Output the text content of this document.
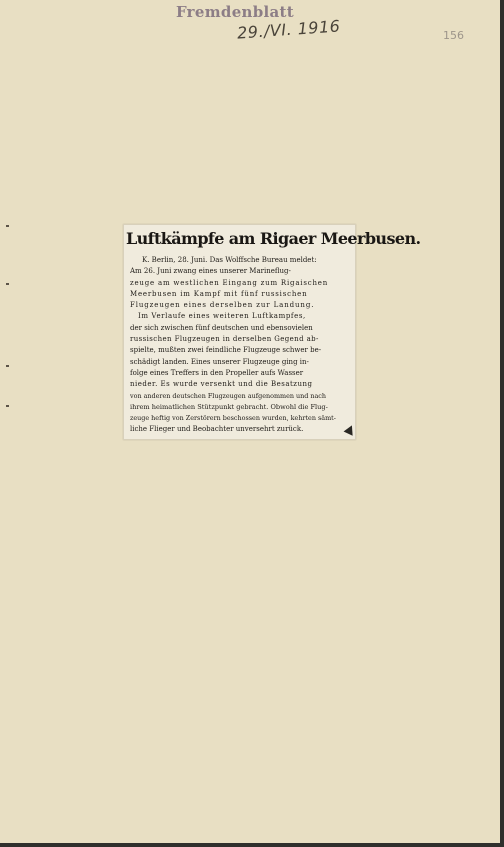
Fremdenblatt
29./VI. 1916	156
Luftkämpfe am Rigaer Meerbusen.
K. Berlin, 28. Juni. Das Wolffsche Bureau meldet:
Am 26. Juni zwang eines unserer Marineflug-
zeuge am westlichen Eingang zum Rigaischen
Meerbusen im Kampf mit fünf russischen
Flugzeugen eines derselben zur Landung.
Im Verlaufe eines weiteren Luftkampfes,
der sich zwischen fünf deutschen und ebensovielen
russischen Flugzeugen in derselben Gegend ab-
spielte, mußten zwei feindliche Flugzeuge schwer be-
schädigt landen. Eines unserer Flugzeuge ging in-
folge eines Treffers in den Propeller aufs Wasser
nieder. Es wurde versenkt und die Besatzung
von anderen deutschen Flugzeugen aufgenommen und nach
ihrem heimatlichen Stützpunkt gebracht. Obwohl die Flug-
zeuge heftig von Zerstörern beschossen wurden, kehrten sämt-
liche Flieger und Beobachter unversehrt zurück.
